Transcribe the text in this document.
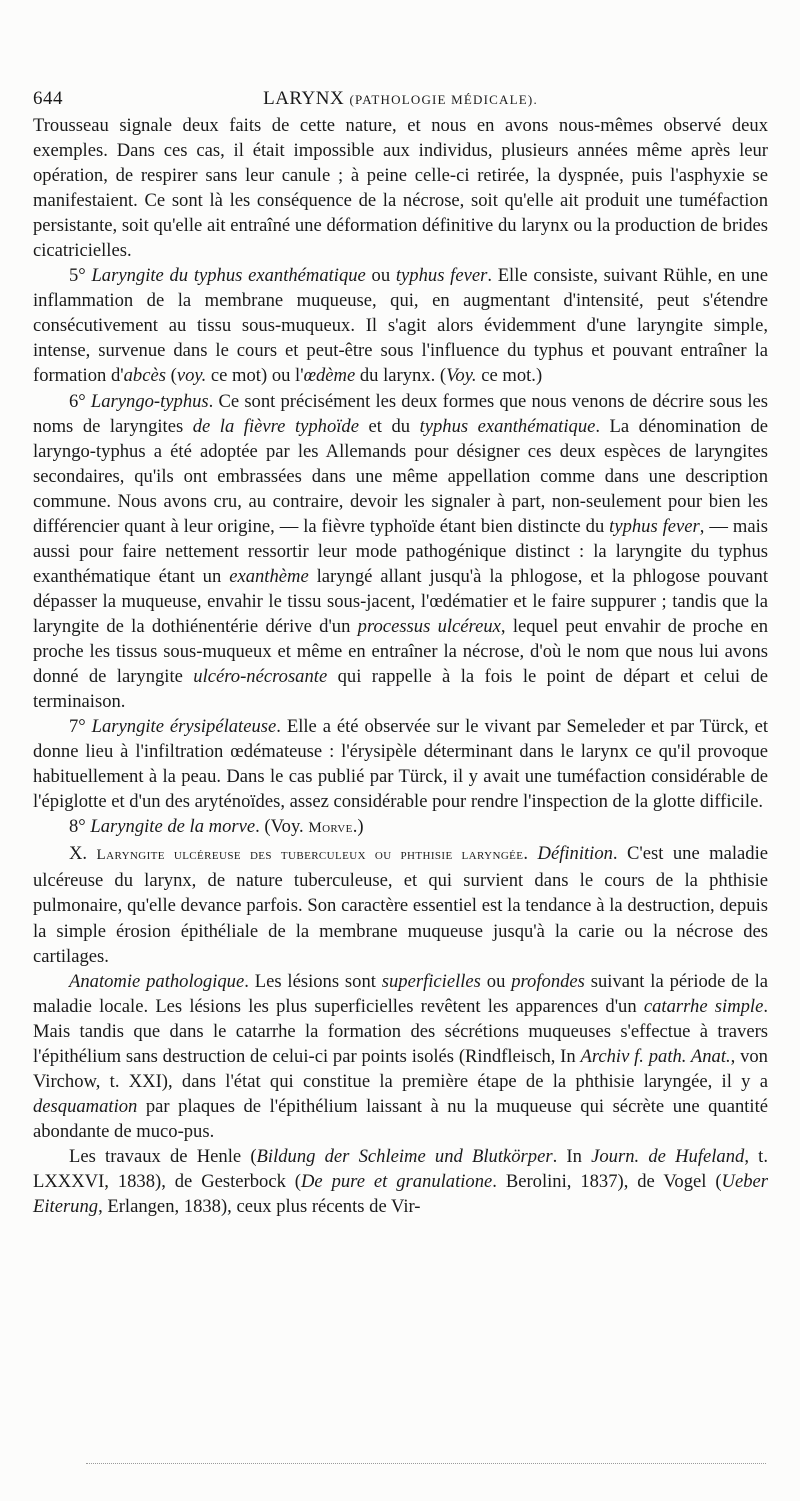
644	LARYNX (PATHOLOGIE MÉDICALE).

Trousseau signale deux faits de cette nature, et nous en avons nous-mêmes observé deux exemples. Dans ces cas, il était impossible aux individus, plusieurs années même après leur opération, de respirer sans leur canule ; à peine celle-ci retirée, la dyspnée, puis l'asphyxie se manifestaient. Ce sont là les conséquence de la nécrose, soit qu'elle ait produit une tuméfaction persistante, soit qu'elle ait entraîné une déformation définitive du larynx ou la production de brides cicatricielles.

5° Laryngite du typhus exanthématique ou typhus fever. Elle consiste, suivant Rühle, en une inflammation de la membrane muqueuse, qui, en augmentant d'intensité, peut s'étendre consécutivement au tissu sous-muqueux. Il s'agit alors évidemment d'une laryngite simple, intense, survenue dans le cours et peut-être sous l'influence du typhus et pouvant entraîner la formation d'abcès (voy. ce mot) ou l'œdème du larynx. (Voy. ce mot.)

6° Laryngo-typhus. Ce sont précisément les deux formes que nous venons de décrire sous les noms de laryngites de la fièvre typhoïde et du typhus exanthématique. La dénomination de laryngo-typhus a été adoptée par les Allemands pour désigner ces deux espèces de laryngites secondaires, qu'ils ont embrassées dans une même appellation comme dans une description commune. Nous avons cru, au contraire, devoir les signaler à part, non-seulement pour bien les différencier quant à leur origine, — la fièvre typhoïde étant bien distincte du typhus fever, — mais aussi pour faire nettement ressortir leur mode pathogénique distinct : la laryngite du typhus exanthématique étant un exanthème laryngé allant jusqu'à la phlogose, et la phlogose pouvant dépasser la muqueuse, envahir le tissu sous-jacent, l'œdématier et le faire suppurer ; tandis que la laryngite de la dothiénentérie dérive d'un processus ulcéreux, lequel peut envahir de proche en proche les tissus sous-muqueux et même en entraîner la nécrose, d'où le nom que nous lui avons donné de laryngite ulcéro-nécrosante qui rappelle à la fois le point de départ et celui de terminaison.

7° Laryngite érysipélateuse. Elle a été observée sur le vivant par Semeleder et par Türck, et donne lieu à l'infiltration œdémateuse : l'érysipèle déterminant dans le larynx ce qu'il provoque habituellement à la peau. Dans le cas publié par Türck, il y avait une tuméfaction considérable de l'épiglotte et d'un des aryténoïdes, assez considérable pour rendre l'inspection de la glotte difficile.

8° Laryngite de la morve. (Voy. Morve.)

X. Laryngite ulcéreuse des tuberculeux ou phthisie laryngée. Définition. C'est une maladie ulcéreuse du larynx, de nature tuberculeuse, et qui survient dans le cours de la phthisie pulmonaire, qu'elle devance parfois. Son caractère essentiel est la tendance à la destruction, depuis la simple érosion épithéliale de la membrane muqueuse jusqu'à la carie ou la nécrose des cartilages.

Anatomie pathologique. Les lésions sont superficielles ou profondes suivant la période de la maladie locale. Les lésions les plus superficielles revêtent les apparences d'un catarrhe simple. Mais tandis que dans le catarrhe la formation des sécrétions muqueuses s'effectue à travers l'épithélium sans destruction de celui-ci par points isolés (Rindfleisch, In Archiv f. path. Anat., von Virchow, t. XXI), dans l'état qui constitue la première étape de la phthisie laryngée, il y a desquamation par plaques de l'épithélium laissant à nu la muqueuse qui sécrète une quantité abondante de muco-pus.

Les travaux de Henle (Bildung der Schleime und Blutkörper. In Journ. de Hufeland, t. LXXXVI, 1838), de Gesterbock (De pure et granulatione. Berolini, 1837), de Vogel (Ueber Eiterung, Erlangen, 1838), ceux plus récents de Vir-
